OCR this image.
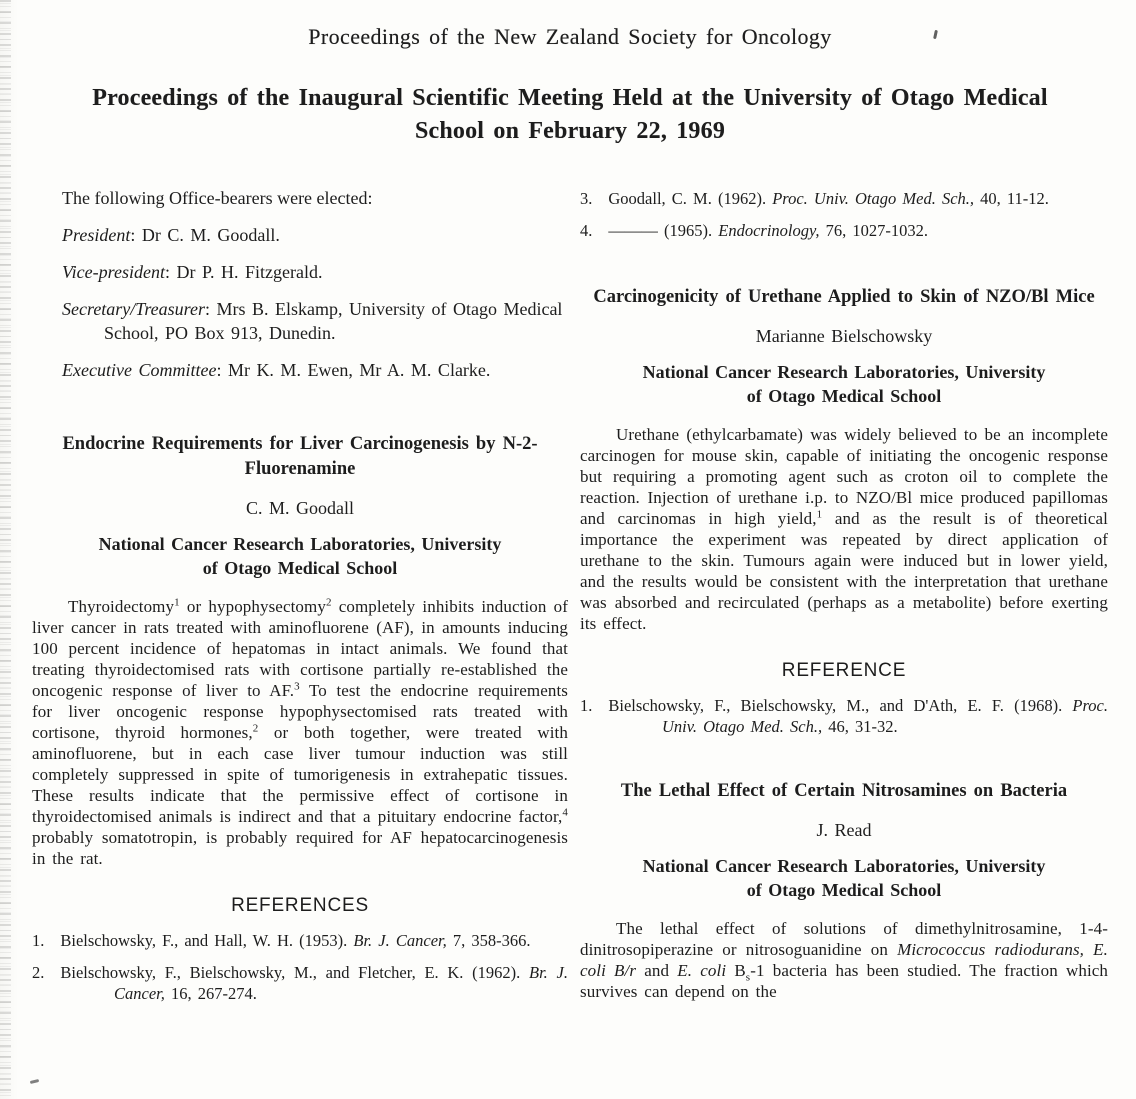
Proceedings of the New Zealand Society for Oncology
Proceedings of the Inaugural Scientific Meeting Held at the University of Otago Medical School on February 22, 1969

The following Office-bearers were elected:

President: Dr C. M. Goodall.

Vice-president: Dr P. H. Fitzgerald.

Secretary/Treasurer: Mrs B. Elskamp, University of Otago Medical School, PO Box 913, Dunedin.

Executive Committee: Mr K. M. Ewen, Mr A. M. Clarke.

Endocrine Requirements for Liver Carcinogenesis by N-2-Fluorenamine

C. M. Goodall

National Cancer Research Laboratories, University of Otago Medical School

Thyroidectomy$^1$ or hypophysectomy$^2$ completely inhibits induction of liver cancer in rats treated with aminofluorene (AF), in amounts inducing 100 percent incidence of hepatomas in intact animals. We found that treating thyroidectomised rats with cortisone partially re-established the oncogenic response of liver to AF.$^3$ To test the endocrine requirements for liver oncogenic response hypophysectomised rats treated with cortisone, thyroid hormones,$^2$ or both together, were treated with aminofluorene, but in each case liver tumour induction was still completely suppressed in spite of tumorigenesis in extrahepatic tissues. These results indicate that the permissive effect of cortisone in thyroidectomised animals is indirect and that a pituitary endocrine factor,$^4$ probably somatotropin, is probably required for AF hepatocarcinogenesis in the rat.

REFERENCES
1. Bielschowsky, F., and Hall, W. H. (1953). Br. J. Cancer, 7, 358-366.
2. Bielschowsky, F., Bielschowsky, M., and Fletcher, E. K. (1962). Br. J. Cancer, 16, 267-274.
3. Goodall, C. M. (1962). Proc. Univ. Otago Med. Sch., 40, 11-12.
4. ——— (1965). Endocrinology, 76, 1027-1032.
Carcinogenicity of Urethane Applied to Skin of NZO/Bl Mice

Marianne Bielschowsky

National Cancer Research Laboratories, University of Otago Medical School

Urethane (ethylcarbamate) was widely believed to be an incomplete carcinogen for mouse skin, capable of initiating the oncogenic response but requiring a promoting agent such as croton oil to complete the reaction. Injection of urethane i.p. to NZO/Bl mice produced papillomas and carcinomas in high yield,$^1$ and as the result is of theoretical importance the experiment was repeated by direct application of urethane to the skin. Tumours again were induced but in lower yield, and the results would be consistent with the interpretation that urethane was absorbed and recirculated (perhaps as a metabolite) before exerting its effect.

REFERENCE
1. Bielschowsky, F., Bielschowsky, M., and D'Ath, E. F. (1968). Proc. Univ. Otago Med. Sch., 46, 31-32.
The Lethal Effect of Certain Nitrosamines on Bacteria

J. Read

National Cancer Research Laboratories, University of Otago Medical School

The lethal effect of solutions of dimethylnitrosamine, 1-4-dinitrosopiperazine or nitrosoguanidine on Micrococcus radiodurans, E. coli B/r and E. coli $B_s-1$ bacteria has been studied. The fraction which survives can depend on the
